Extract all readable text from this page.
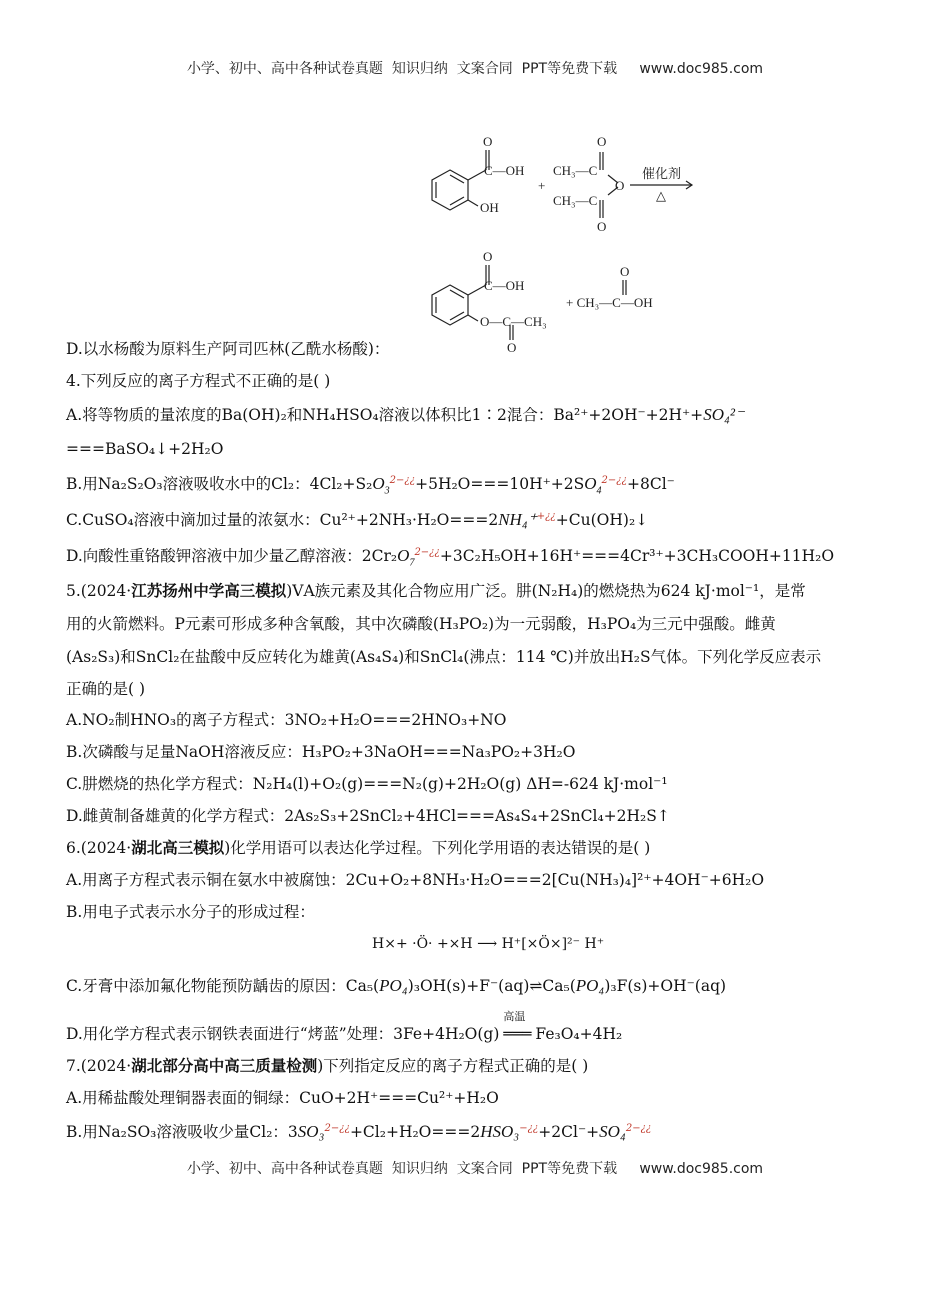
小学、初中、高中各种试卷真题  知识归纳  文案合同  PPT等免费下载     www.doc985.com
O
C—OH
OH
+
O
CH₃—C
O
CH₃—C
O
催化剂
△
O
C—OH
O—C—CH₃
O
+ CH₃—C—OH
O
D.以水杨酸为原料生产阿司匹林(乙酰水杨酸)：
4.下列反应的离子方程式不正确的是( )
A.将等物质的量浓度的Ba(OH)₂和NH₄HSO₄溶液以体积比1∶2混合：Ba²⁺+2OH⁻+2H⁺+SO₄²⁻
===BaSO₄↓+2H₂O
B.用Na₂S₂O₃溶液吸收水中的Cl₂：$4Cl_2+S_2O_3^{2-¿¿}+5H_2O===10H^++2SO_4^{2-¿¿}+8Cl^-$
C.CuSO₄溶液中滴加过量的浓氨水：Cu²⁺+2NH₃·H₂O===2NH₄⁺+¿¿+Cu(OH)₂↓
D.向酸性重铬酸钾溶液中加少量乙醇溶液：$2Cr_2O_7^{2-¿¿}+3C_2H_5OH+16H^+===4Cr^{3+}+3CH_3COOH+11H_2O$
5.(2024·江苏扬州中学高三模拟)ⅤA族元素及其化合物应用广泛。肼(N₂H₄)的燃烧热为624 kJ·mol⁻¹，是常
用的火箭燃料。P元素可形成多种含氧酸，其中次磷酸(H₃PO₂)为一元弱酸，H₃PO₄为三元中强酸。雌黄
(As₂S₃)和SnCl₂在盐酸中反应转化为雄黄(As₄S₄)和SnCl₄(沸点：114 ℃)并放出H₂S气体。下列化学反应表示
正确的是( )
A.NO₂制HNO₃的离子方程式：3NO₂+H₂O===2HNO₃+NO
B.次磷酸与足量NaOH溶液反应：H₃PO₂+3NaOH===Na₃PO₂+3H₂O
C.肼燃烧的热化学方程式：N₂H₄(l)+O₂(g)===N₂(g)+2H₂O(g) ΔH=-624 kJ·mol⁻¹
D.雌黄制备雄黄的化学方程式：2As₂S₃+2SnCl₂+4HCl===As₄S₄+2SnCl₄+2H₂S↑
6.(2024·湖北高三模拟)化学用语可以表达化学过程。下列化学用语的表达错误的是( )
A.用离子方程式表示铜在氨水中被腐蚀：2Cu+O₂+8NH₃·H₂O===2[Cu(NH₃)₄]²⁺+4OH⁻+6H₂O
B.用电子式表示水分子的形成过程：
H×+ ·Ö· +×H ⟶ H⁺[×Ö×]²⁻ H⁺
C.牙膏中添加氟化物能预防龋齿的原因：Ca₅(PO₄)₃OH(s)+F⁻(aq)⇌Ca₅(PO₄)₃F(s)+OH⁻(aq)
D.用化学方程式表示钢铁表面进行“烤蓝”处理：3Fe+4H₂O(g)
高温
═══ Fe₃O₄+4H₂
7.(2024·湖北部分高中高三质量检测)下列指定反应的离子方程式正确的是( )
A.用稀盐酸处理铜器表面的铜绿：CuO+2H⁺===Cu²⁺+H₂O
B.用Na₂SO₃溶液吸收少量Cl₂：3SO₃$^{2-¿¿}$+Cl₂+H₂O===2HSO₃−¿¿+2Cl⁻+SO₄$^{2-¿¿}$
小学、初中、高中各种试卷真题  知识归纳  文案合同  PPT等免费下载     www.doc985.com
